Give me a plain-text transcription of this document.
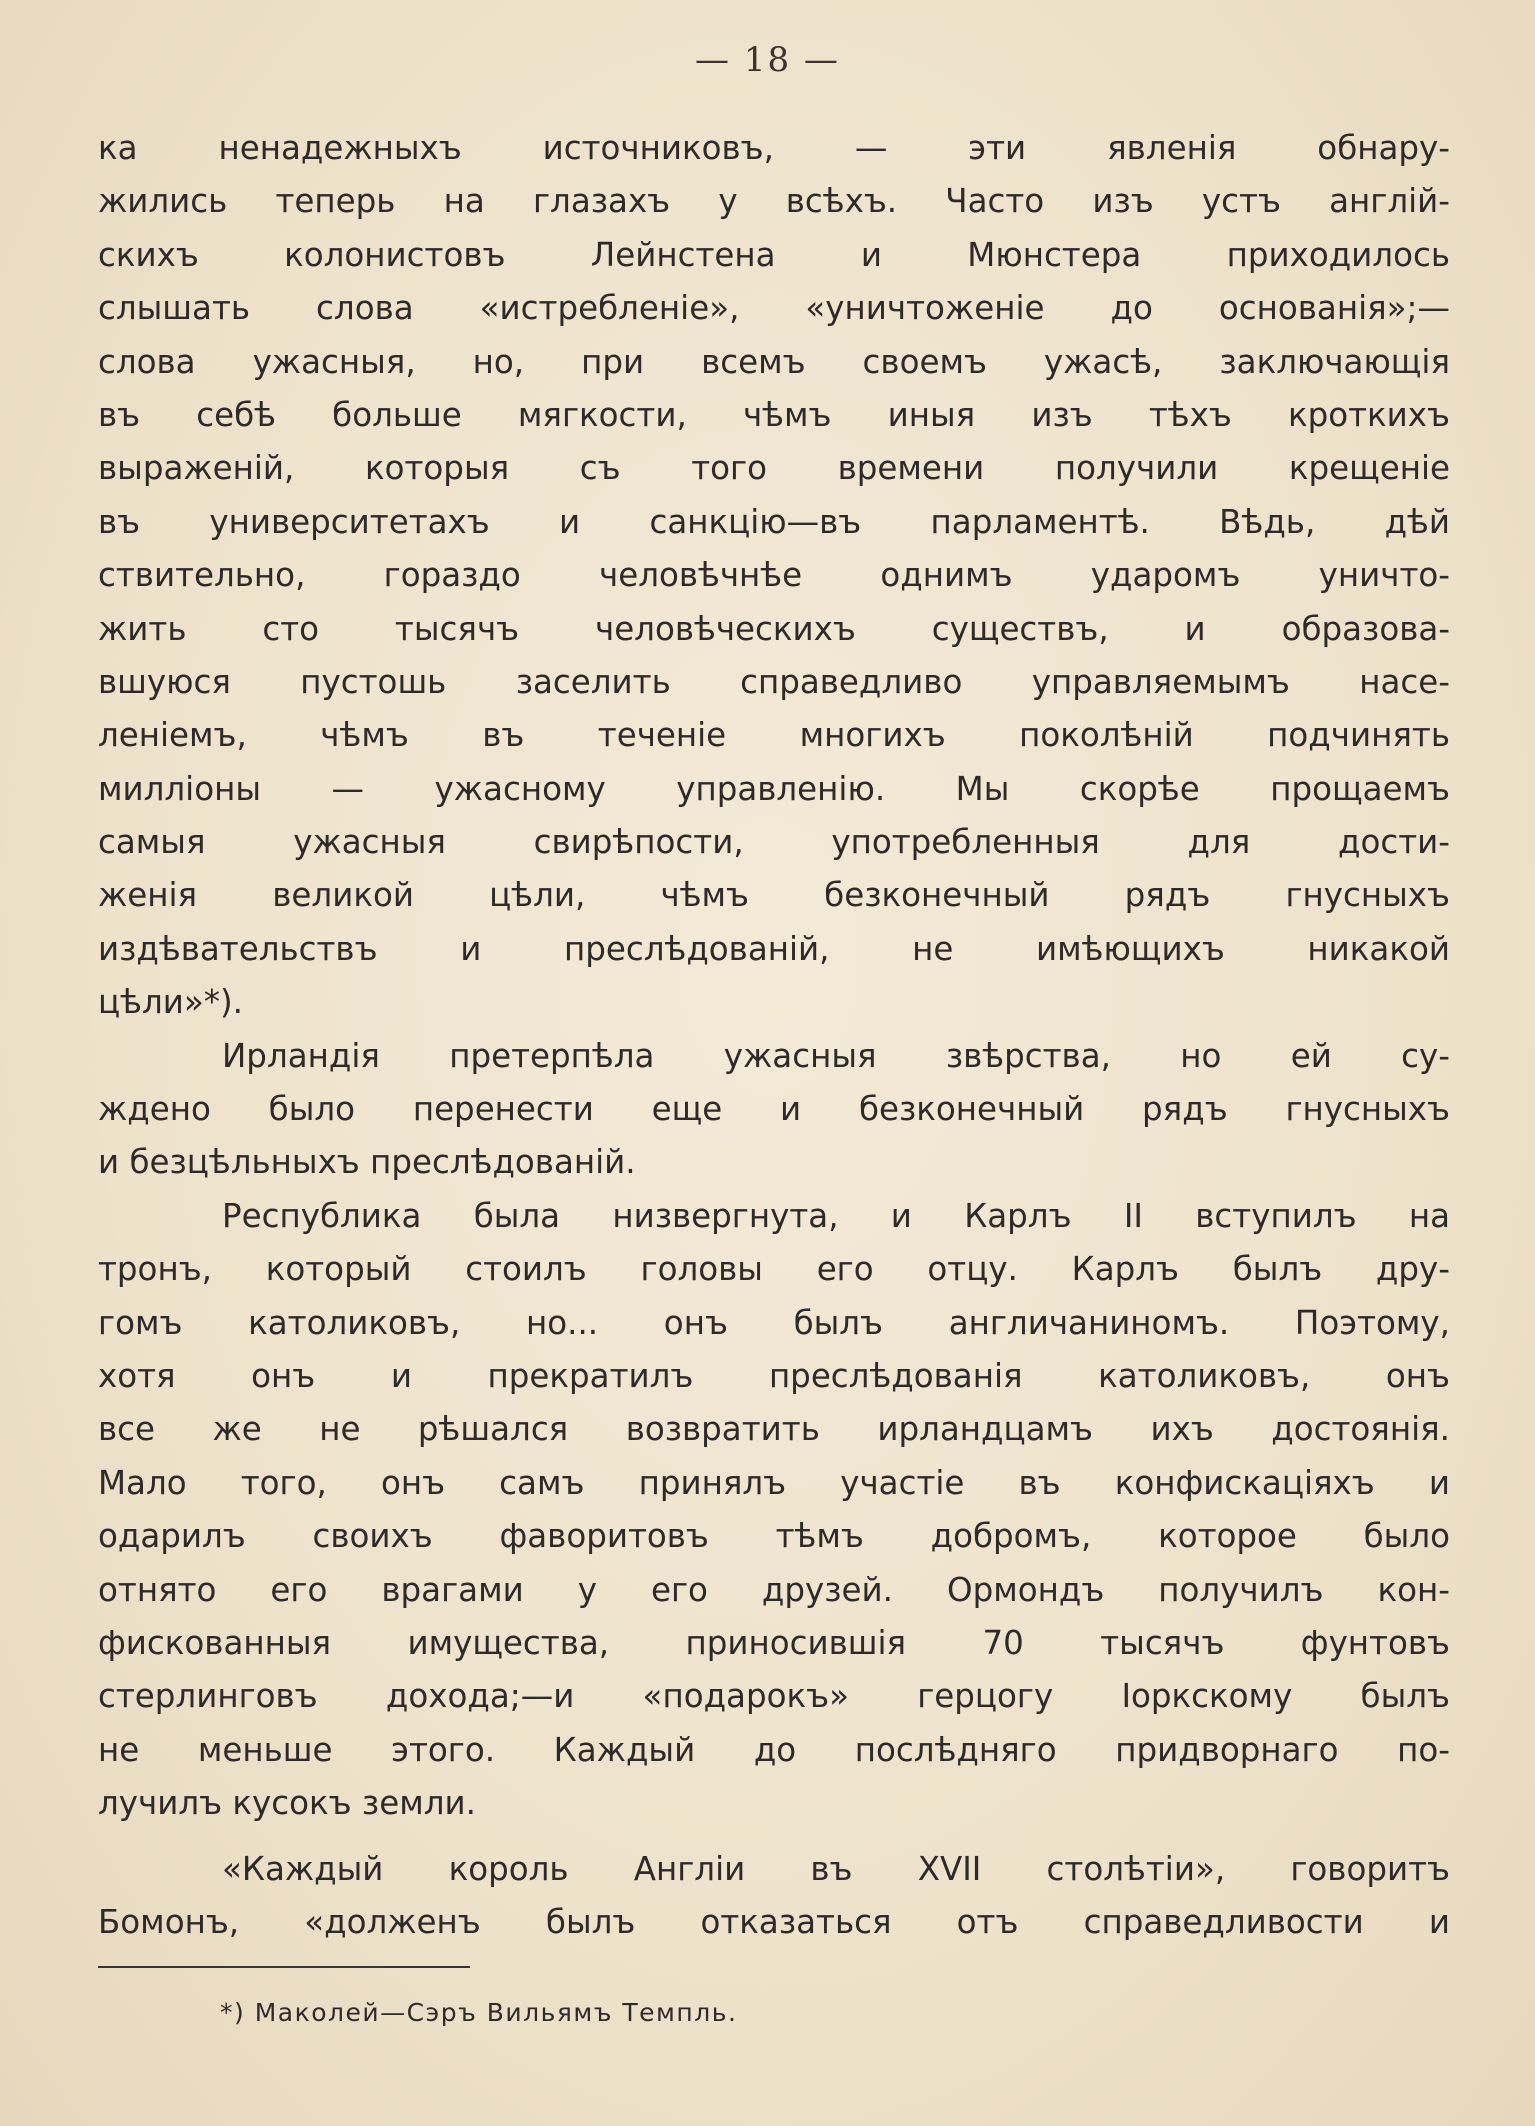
— 18 —
ка ненадежныхъ источниковъ, — эти явленія обнару-
жились теперь на глазахъ у всѣхъ. Часто изъ устъ англій-
скихъ колонистовъ Лейнстена и Мюнстера приходилось
слышать слова «истребленіе», «уничтоженіе до основанія»;—
слова ужасныя, но, при всемъ своемъ ужасѣ, заключающія
въ себѣ больше мягкости, чѣмъ иныя изъ тѣхъ кроткихъ
выраженій, которыя съ того времени получили крещеніе
въ университетахъ и санкцію—въ парламентѣ. Вѣдь, дѣй
ствительно, гораздо человѣчнѣе однимъ ударомъ уничто-
жить сто тысячъ человѣческихъ существъ, и образова-
вшуюся пустошь заселить справедливо управляемымъ насе-
леніемъ, чѣмъ въ теченіе многихъ поколѣній подчинять
милліоны — ужасному управленію. Мы скорѣе прощаемъ
самыя ужасныя свирѣпости, употребленныя для дости-
женія великой цѣли, чѣмъ безконечный рядъ гнусныхъ
издѣвательствъ и преслѣдованій, не имѣющихъ никакой
цѣли»*).
Ирландія претерпѣла ужасныя звѣрства, но ей су-
ждено было перенести еще и безконечный рядъ гнусныхъ
и безцѣльныхъ преслѣдованій.
Республика была низвергнута, и Карлъ II вступилъ на
тронъ, который стоилъ головы его отцу. Карлъ былъ дру-
гомъ католиковъ, но... онъ былъ англичаниномъ. Поэтому,
хотя онъ и прекратилъ преслѣдованія католиковъ, онъ
все же не рѣшался возвратить ирландцамъ ихъ достоянія.
Мало того, онъ самъ принялъ участіе въ конфискаціяхъ и
одарилъ своихъ фаворитовъ тѣмъ добромъ, которое было
отнято его врагами у его друзей. Ормондъ получилъ кон-
фискованныя имущества, приносившія 70 тысячъ фунтовъ
стерлинговъ дохода;—и «подарокъ» герцогу Іоркскому былъ
не меньше этого. Каждый до послѣдняго придворнаго по-
лучилъ кусокъ земли.
«Каждый король Англіи въ XVII столѣтіи», говоритъ
Бомонъ, «долженъ былъ отказаться отъ справедливости и
*) Маколей—Сэръ Вильямъ Темпль.
